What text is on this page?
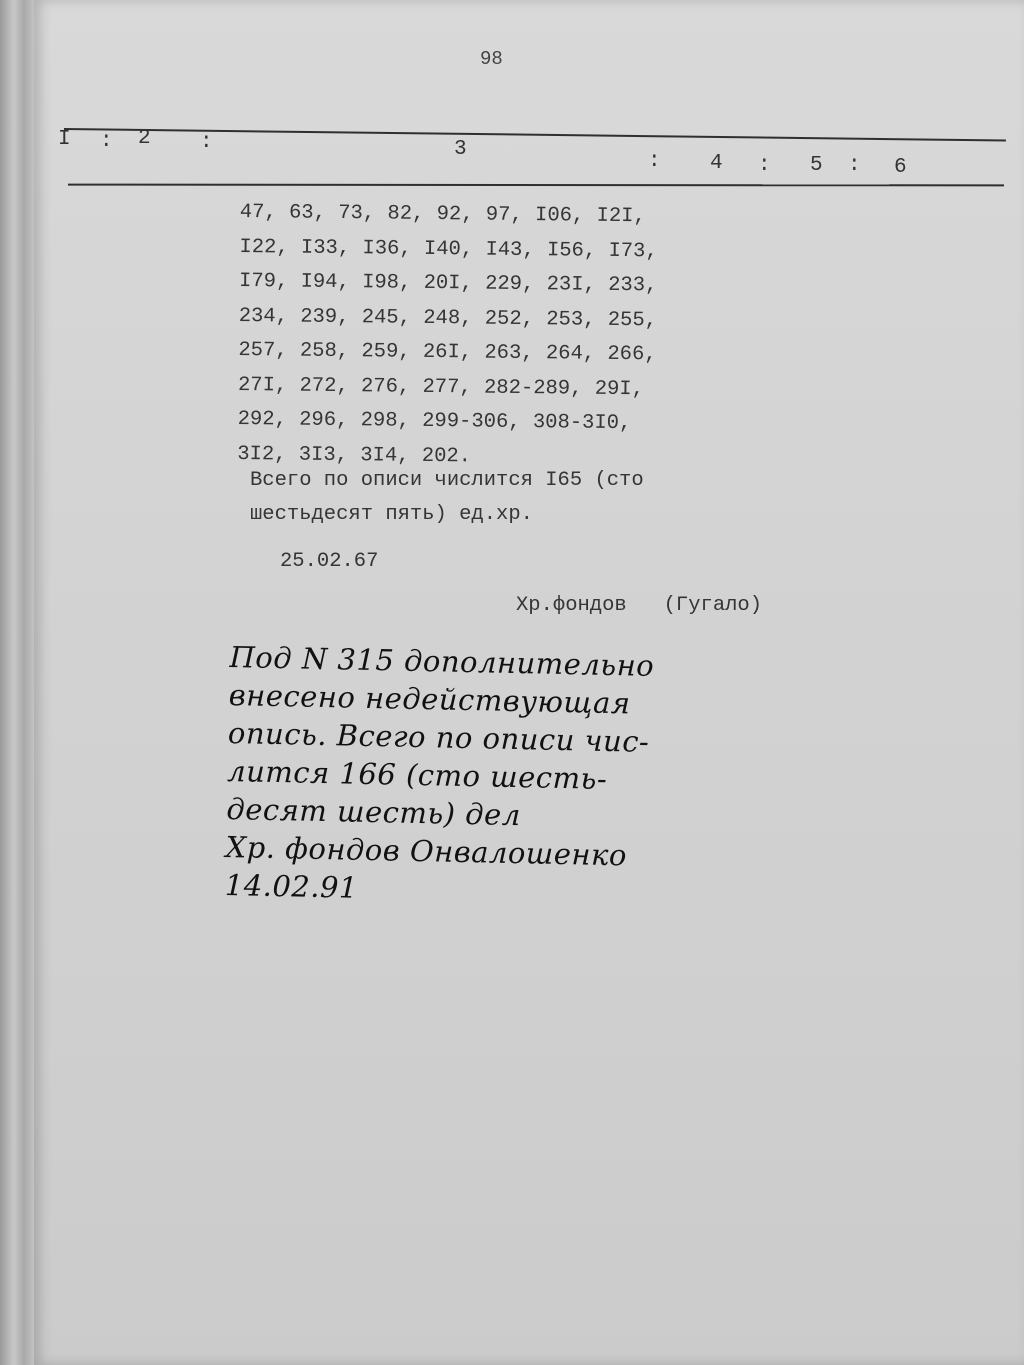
98
I : 2 :	3
: 4 : 5 : 6
47, 63, 73, 82, 92, 97, I06, I2I,
I22, I33, I36, I40, I43, I56, I73,
I79, I94, I98, 20I, 229, 23I, 233,
234, 239, 245, 248, 252, 253, 255,
257, 258, 259, 26I, 263, 264, 266,
27I, 272, 276, 277, 282-289, 29I,
292, 296, 298, 299-306, 308-3I0,
3I2, 3I3, 3I4, 202.
Всего по описи числится I65 (сто
шестьдесят пять) ед.хр.
25.02.67
Хр.фондов   (Гугало)
Под N 315 дополнительно
внесено недействующая
опись. Всего по описи чис-
лится 166 (сто шесть-
десят шесть) дел
Хр. фондов Онвалошенко
14.02.91
